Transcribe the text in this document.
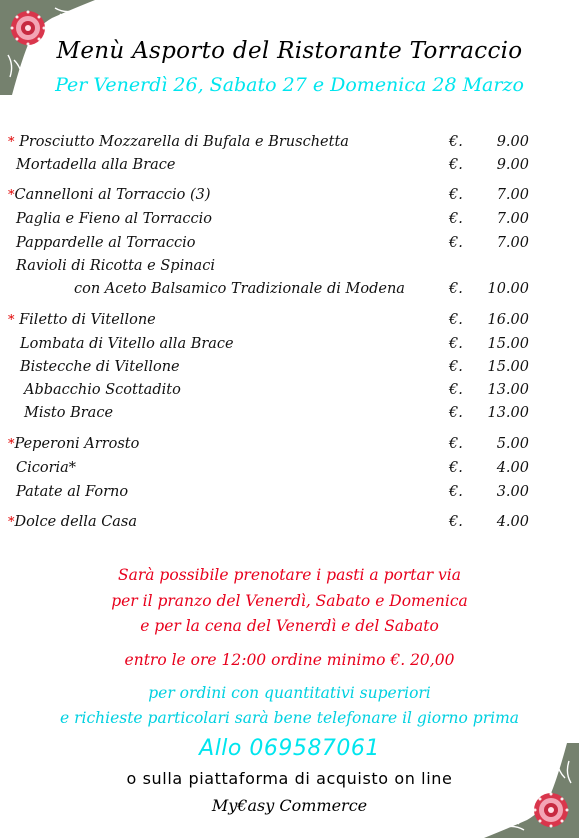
Menù Asporto del Ristorante Torraccio
Per Venerdì 26, Sabato 27 e Domenica 28 Marzo
* Prosciutto Mozzarella di Bufala e Bruschetta	€.	9.00
Mortadella alla Brace	€.	9.00
*Cannelloni al Torraccio (3)	€.	7.00
Paglia e Fieno al Torraccio	€.	7.00
Pappardelle al Torraccio	€.	7.00
Ravioli di Ricotta e Spinaci
con Aceto Balsamico Tradizionale di Modena	€.	10.00
* Filetto di Vitellone	€.	16.00
Lombata di Vitello alla Brace	€.	15.00
Bistecche di Vitellone	€.	15.00
Abbacchio Scottadito	€.	13.00
Misto Brace	€.	13.00
*Peperoni Arrosto	€.	5.00
Cicoria*	€.	4.00
Patate al Forno	€.	3.00
*Dolce della Casa	€.	4.00
Sarà possibile prenotare i pasti a portar via
per il pranzo del Venerdì, Sabato e Domenica
e per la cena del Venerdì e del Sabato
entro le ore 12:00 ordine minimo €. 20,00
per ordini con quantitativi superiori
e richieste particolari sarà bene telefonare il giorno prima
Allo 069587061
o sulla piattaforma di acquisto on line
My€asy Commerce
